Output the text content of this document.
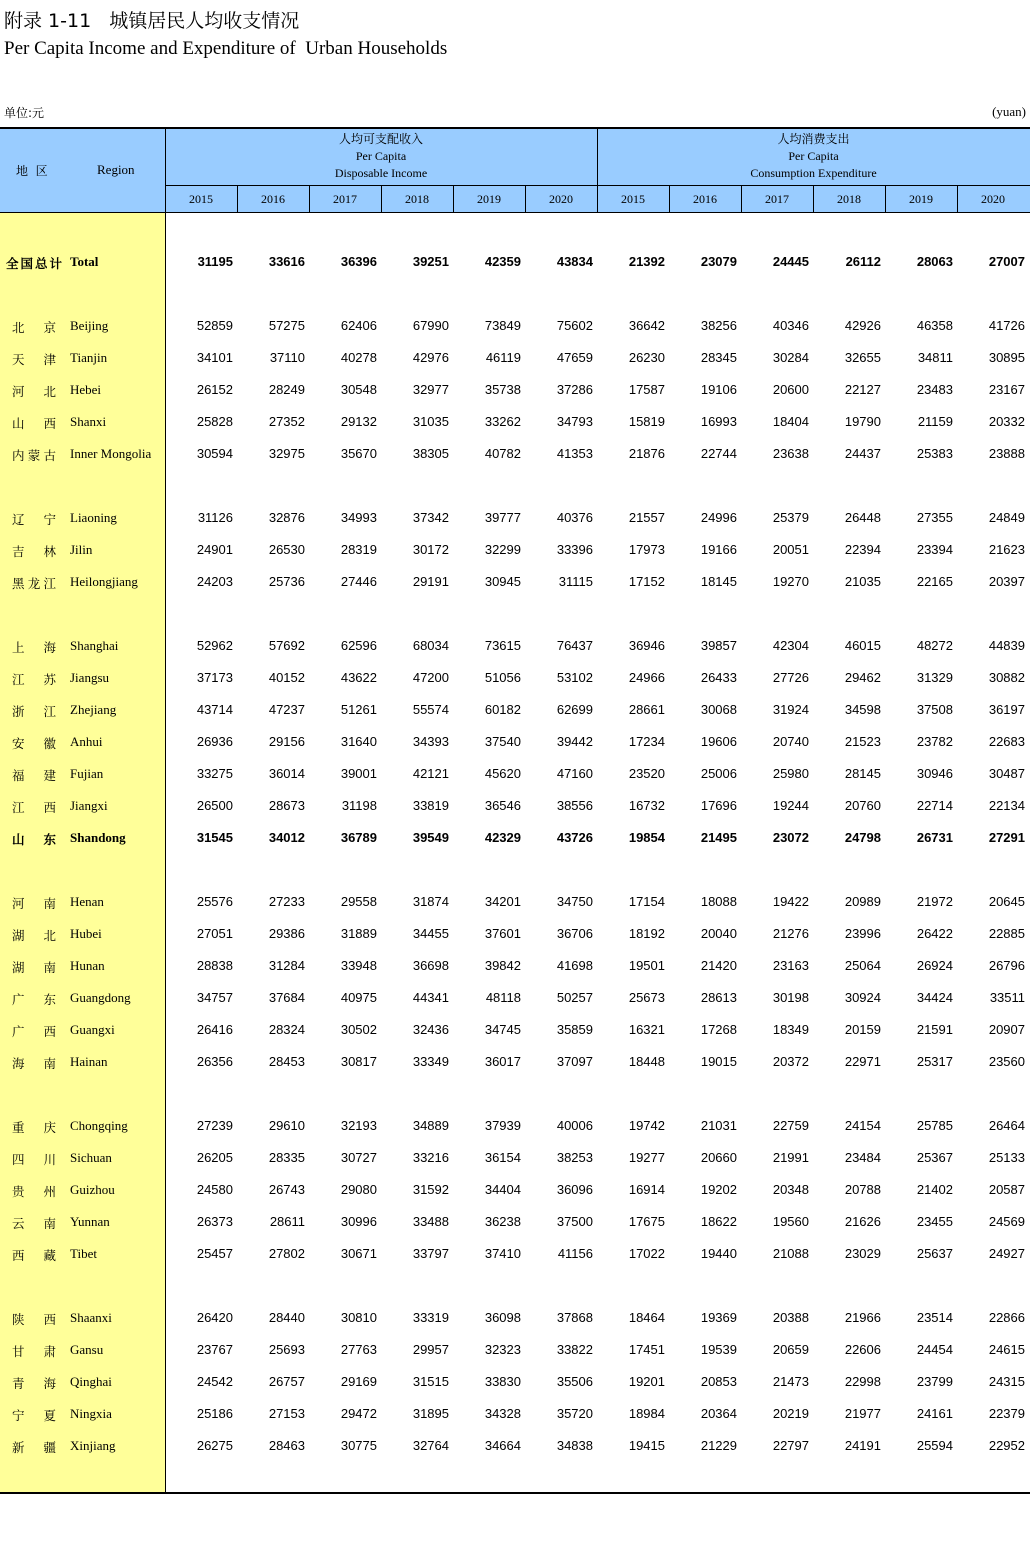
附录 1-11   城镇居民人均收支情况
Per Capita Income and Expenditure of  Urban Households
单位:元	(yuan)
地  区	Region
人均可支配收入
Per Capita
Disposable Income
人均消费支出
Per Capita
Consumption Expenditure
2015	2016	2017	2018	2019	2020	2015	2016	2017	2018	2019	2020
全国总计 Total	31195	33616	36396	39251	42359	43834	21392	23079	24445	26112	28063	27007
北京 Beijing	52859	57275	62406	67990	73849	75602	36642	38256	40346	42926	46358	41726
天津 Tianjin	34101	37110	40278	42976	46119	47659	26230	28345	30284	32655	34811	30895
河北 Hebei	26152	28249	30548	32977	35738	37286	17587	19106	20600	22127	23483	23167
山西 Shanxi	25828	27352	29132	31035	33262	34793	15819	16993	18404	19790	21159	20332
内蒙古 Inner Mongolia	30594	32975	35670	38305	40782	41353	21876	22744	23638	24437	25383	23888
辽宁 Liaoning	31126	32876	34993	37342	39777	40376	21557	24996	25379	26448	27355	24849
吉林 Jilin	24901	26530	28319	30172	32299	33396	17973	19166	20051	22394	23394	21623
黑龙江 Heilongjiang	24203	25736	27446	29191	30945	31115	17152	18145	19270	21035	22165	20397
上海 Shanghai	52962	57692	62596	68034	73615	76437	36946	39857	42304	46015	48272	44839
江苏 Jiangsu	37173	40152	43622	47200	51056	53102	24966	26433	27726	29462	31329	30882
浙江 Zhejiang	43714	47237	51261	55574	60182	62699	28661	30068	31924	34598	37508	36197
安徽 Anhui	26936	29156	31640	34393	37540	39442	17234	19606	20740	21523	23782	22683
福建 Fujian	33275	36014	39001	42121	45620	47160	23520	25006	25980	28145	30946	30487
江西 Jiangxi	26500	28673	31198	33819	36546	38556	16732	17696	19244	20760	22714	22134
山东 Shandong	31545	34012	36789	39549	42329	43726	19854	21495	23072	24798	26731	27291
河南 Henan	25576	27233	29558	31874	34201	34750	17154	18088	19422	20989	21972	20645
湖北 Hubei	27051	29386	31889	34455	37601	36706	18192	20040	21276	23996	26422	22885
湖南 Hunan	28838	31284	33948	36698	39842	41698	19501	21420	23163	25064	26924	26796
广东 Guangdong	34757	37684	40975	44341	48118	50257	25673	28613	30198	30924	34424	33511
广西 Guangxi	26416	28324	30502	32436	34745	35859	16321	17268	18349	20159	21591	20907
海南 Hainan	26356	28453	30817	33349	36017	37097	18448	19015	20372	22971	25317	23560
重庆 Chongqing	27239	29610	32193	34889	37939	40006	19742	21031	22759	24154	25785	26464
四川 Sichuan	26205	28335	30727	33216	36154	38253	19277	20660	21991	23484	25367	25133
贵州 Guizhou	24580	26743	29080	31592	34404	36096	16914	19202	20348	20788	21402	20587
云南 Yunnan	26373	28611	30996	33488	36238	37500	17675	18622	19560	21626	23455	24569
西藏 Tibet	25457	27802	30671	33797	37410	41156	17022	19440	21088	23029	25637	24927
陕西 Shaanxi	26420	28440	30810	33319	36098	37868	18464	19369	20388	21966	23514	22866
甘肃 Gansu	23767	25693	27763	29957	32323	33822	17451	19539	20659	22606	24454	24615
青海 Qinghai	24542	26757	29169	31515	33830	35506	19201	20853	21473	22998	23799	24315
宁夏 Ningxia	25186	27153	29472	31895	34328	35720	18984	20364	20219	21977	24161	22379
新疆 Xinjiang	26275	28463	30775	32764	34664	34838	19415	21229	22797	24191	25594	22952
